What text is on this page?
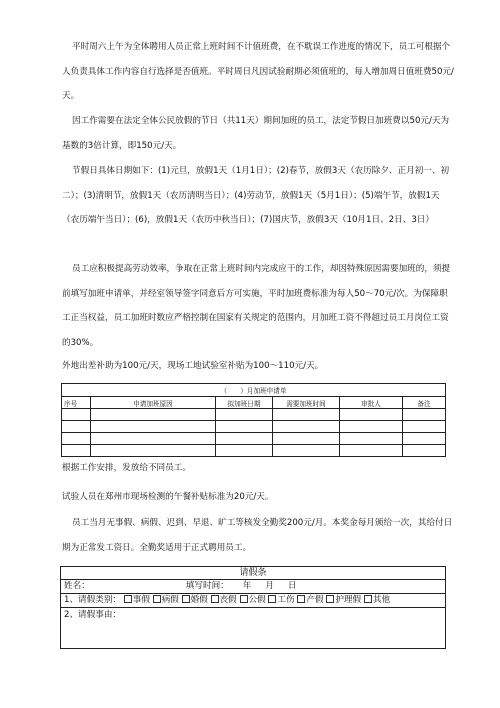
平时周六上午为全体聘用人员正常上班时间不计值班费，在不耽误工作进度的情况下，员工可根据个人负责具体工作内容自行选择是否值班。平时周日凡因试验耐期必须值班的，每人增加周日值班费50元/天。
因工作需要在法定全体公民放假的节日（共11天）期间加班的员工，法定节假日加班费以50元/天为基数的3倍计算，即150元/天。
节假日具体日期如下：(1)元旦，放假1天（1月1日）；(2)春节，放假3天（农历除夕、正月初一、初二）；(3)清明节，放假1天（农历清明当日）；(4)劳动节，放假1天（5月1日）；(5)端午节，放假1天（农历端午当日）；(6)，放假1天（农历中秋当日）；(7)国庆节，放假3天（10月1日、2日、3日）
员工应积极提高劳动效率，争取在正常上班时间内完成应干的工作，却因特殊原因需要加班的，须提前填写加班申请单，并经室领导签字同意后方可实施，平时加班费标准为每人50～70元/次。为保障职工正当权益，员工加班时数应严格控制在国家有关规定的范围内，月加班工资不得超过员工月岗位工资的30%。
外地出差补助为100元/天，现场工地试验室补贴为100～110元/天。
（　　）月加班申请单					
序号	申请加班原因	拟加班日期	需要加班时间	审批人	备注

根据工作安排，发放给不同员工。
试验人员在郑州市现场检测的午餐补贴标准为20元/天。
员工当月无事假、病假、迟到、早退、旷工等核发全勤奖200元/月。本奖金每月颁给一次，其给付日期为正常发工资日。全勤奖适用于正式聘用员工。
请假条
姓名：	填写时间： 年 月 日
1、请假类别： 事假 病假 婚假 丧假 公假 工伤 产假 护理假 其他
2、请假事由：
